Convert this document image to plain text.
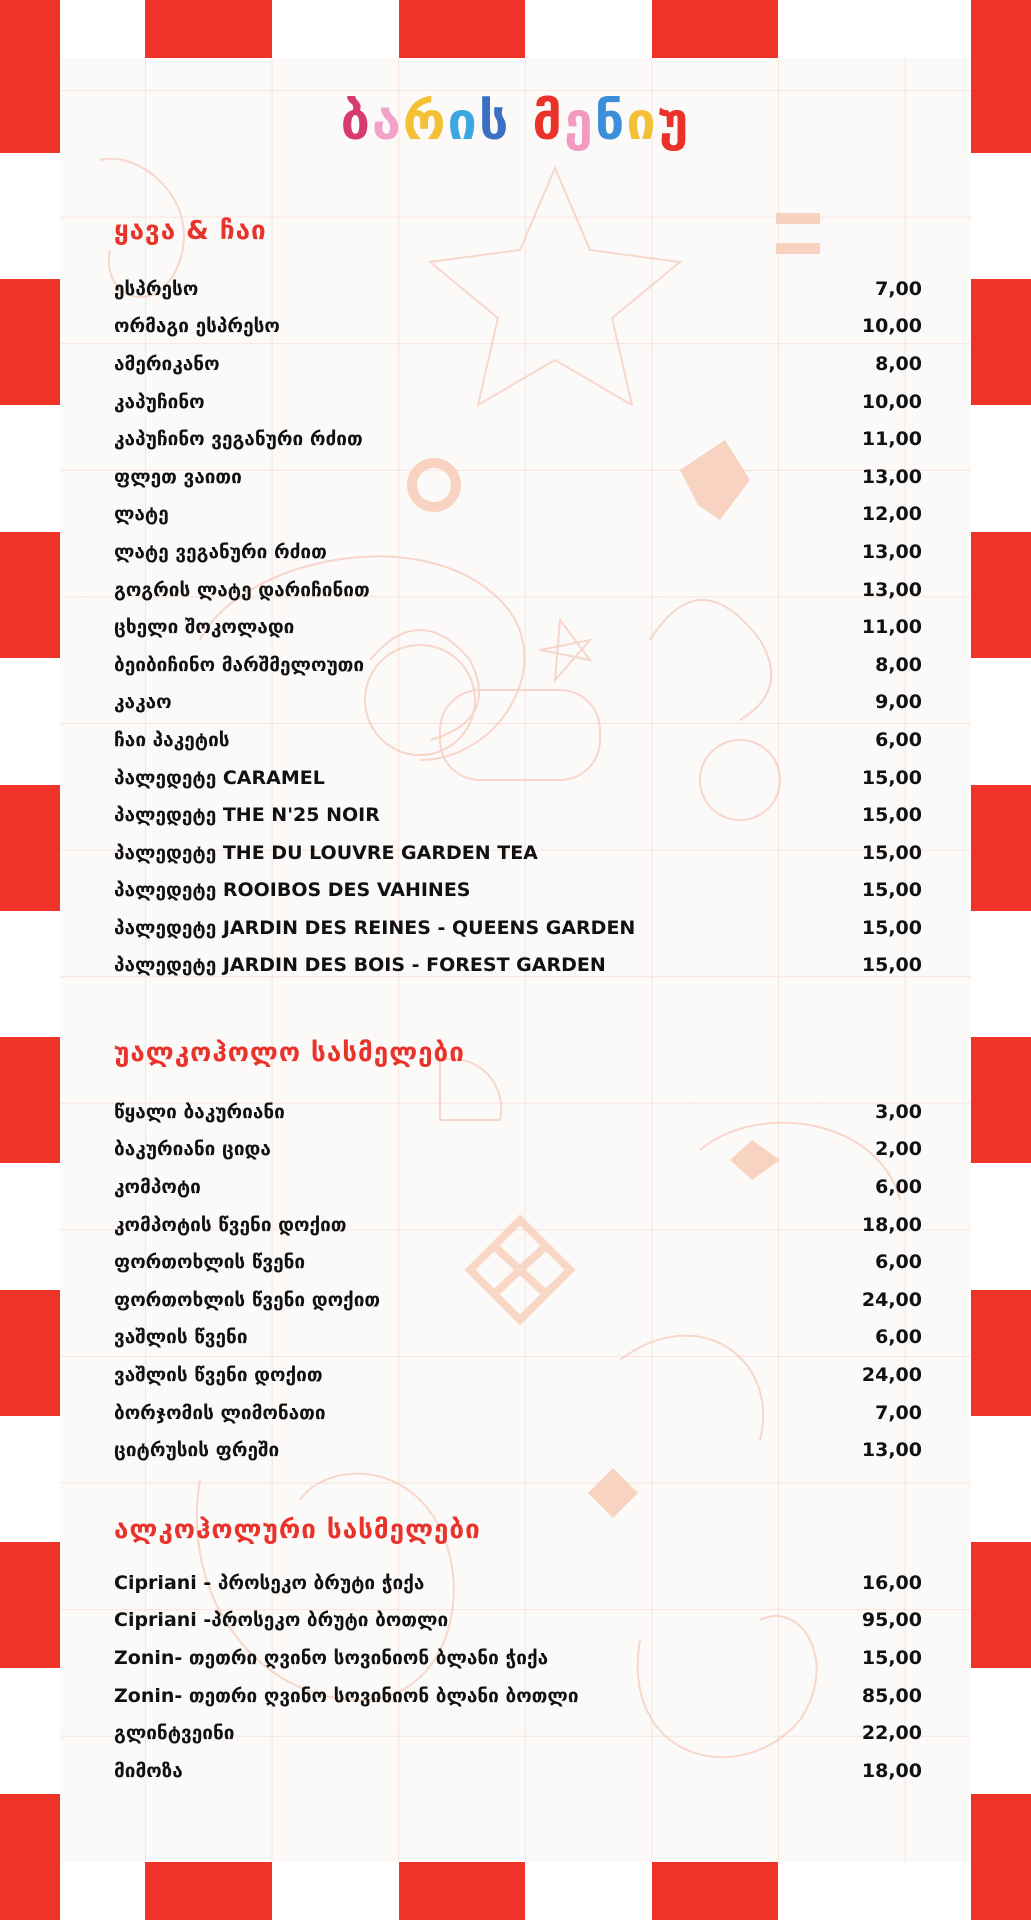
ბარის მენიუ
ყავა & ჩაი
ესპრესო	7,00
ორმაგი ესპრესო	10,00
ამერიკანო	8,00
კაპუჩინო	10,00
კაპუჩინო ვეგანური რძით	11,00
ფლეთ ვაითი	13,00
ლატე	12,00
ლატე ვეგანური რძით	13,00
გოგრის ლატე დარიჩინით	13,00
ცხელი შოკოლადი	11,00
ბეიბიჩინო მარშმელოუთი	8,00
კაკაო	9,00
ჩაი პაკეტის	6,00
პალედეტე CARAMEL	15,00
პალედეტე THE N'25 NOIR	15,00
პალედეტე THE DU LOUVRE GARDEN TEA	15,00
პალედეტე ROOIBOS DES VAHINES	15,00
პალედეტე JARDIN DES REINES - QUEENS GARDEN	15,00
პალედეტე JARDIN DES BOIS - FOREST GARDEN	15,00
უალკოჰოლო სასმელები
წყალი ბაკურიანი	3,00
ბაკურიანი ციდა	2,00
კომპოტი	6,00
კომპოტის წვენი დოქით	18,00
ფორთოხლის წვენი	6,00
ფორთოხლის წვენი დოქით	24,00
ვაშლის წვენი	6,00
ვაშლის წვენი დოქით	24,00
ბორჯომის ლიმონათი	7,00
ციტრუსის ფრეში	13,00
ალკოჰოლური სასმელები
Cipriani - პროსეკო ბრუტი ჭიქა	16,00
Cipriani -პროსეკო ბრუტი ბოთლი	95,00
Zonin- თეთრი ღვინო სოვინიონ ბლანი ჭიქა	15,00
Zonin- თეთრი ღვინო სოვინიონ ბლანი ბოთლი	85,00
გლინტვეინი	22,00
მიმოზა	18,00
